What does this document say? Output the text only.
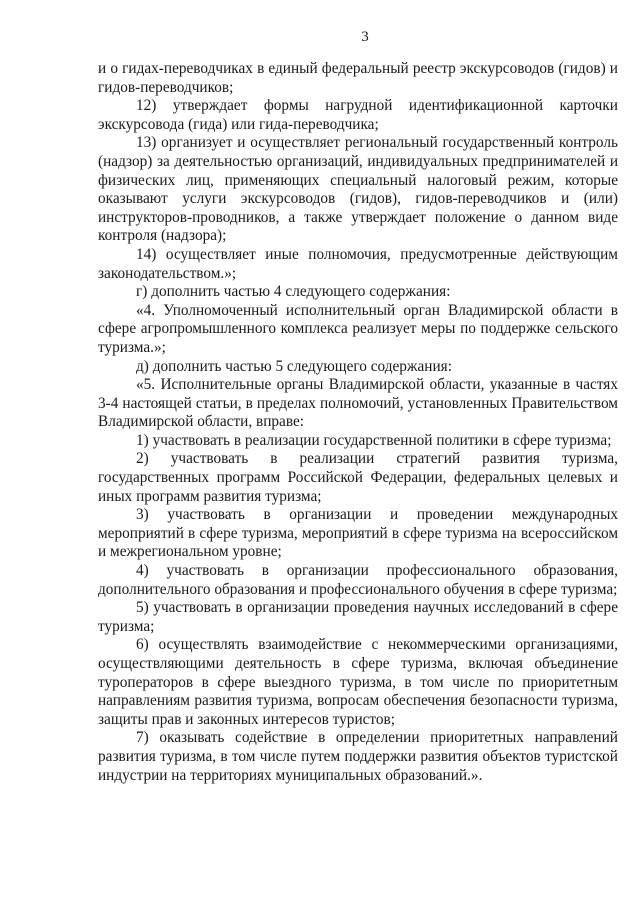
3

и о гидах-переводчиках в единый федеральный реестр экскурсоводов (гидов) и гидов-переводчиков;

12) утверждает формы нагрудной идентификационной карточки экскурсовода (гида) или гида-переводчика;

13) организует и осуществляет региональный государственный контроль (надзор) за деятельностью организаций, индивидуальных предпринимателей и физических лиц, применяющих специальный налоговый режим, которые оказывают услуги экскурсоводов (гидов), гидов-переводчиков и (или) инструкторов-проводников, а также утверждает положение о данном виде контроля (надзора);

14) осуществляет иные полномочия, предусмотренные действующим законодательством.»;

г) дополнить частью 4 следующего содержания:

«4. Уполномоченный исполнительный орган Владимирской области в сфере агропромышленного комплекса реализует меры по поддержке сельского туризма.»;

д) дополнить частью 5 следующего содержания:

«5. Исполнительные органы Владимирской области, указанные в частях 3-4 настоящей статьи, в пределах полномочий, установленных Правительством Владимирской области, вправе:

1) участвовать в реализации государственной политики в сфере туризма;

2) участвовать в реализации стратегий развития туризма, государственных программ Российской Федерации, федеральных целевых и иных программ развития туризма;

3) участвовать в организации и проведении международных мероприятий в сфере туризма, мероприятий в сфере туризма на всероссийском и межрегиональном уровне;

4) участвовать в организации профессионального образования, дополнительного образования и профессионального обучения в сфере туризма;

5) участвовать в организации проведения научных исследований в сфере туризма;

6) осуществлять взаимодействие с некоммерческими организациями, осуществляющими деятельность в сфере туризма, включая объединение туроператоров в сфере выездного туризма, в том числе по приоритетным направлениям развития туризма, вопросам обеспечения безопасности туризма, защиты прав и законных интересов туристов;

7) оказывать содействие в определении приоритетных направлений развития туризма, в том числе путем поддержки развития объектов туристской индустрии на территориях муниципальных образований.».
